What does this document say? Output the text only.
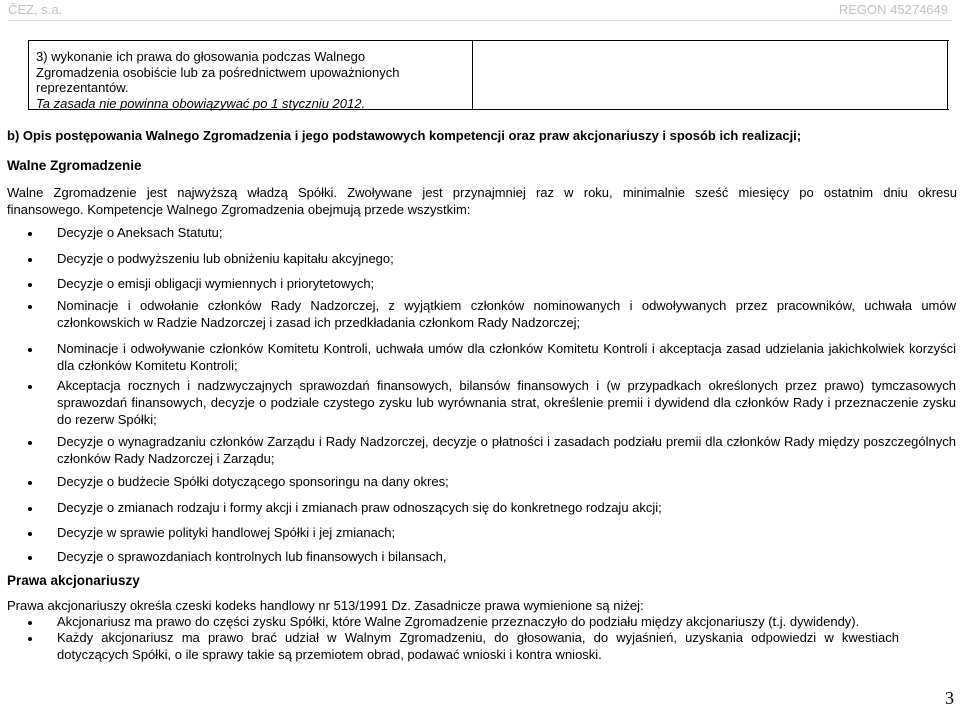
ČEZ, s.a.	REGON 45274649
3) wykonanie ich prawa do głosowania podczas Walnego
Zgromadzenia osobiście lub za pośrednictwem upoważnionych
reprezentantów.
Ta zasada nie powinna obowiązywać po 1 styczniu 2012.
b) Opis postępowania Walnego Zgromadzenia i jego podstawowych kompetencji oraz praw akcjonariuszy i sposób ich realizacji;
Walne Zgromadzenie
Walne Zgromadzenie jest najwyższą władzą Spółki. Zwoływane jest przynajmniej raz w roku, minimalnie sześć miesięcy po ostatnim dniu okresu
finansowego. Kompetencje Walnego Zgromadzenia obejmują przede wszystkim:
Decyzje o Aneksach Statutu;
Decyzje o podwyższeniu lub obniżeniu kapitału akcyjnego;
Decyzje o emisji obligacji wymiennych i priorytetowych;
Nominacje i odwołanie członków Rady Nadzorczej, z wyjątkiem członków nominowanych i odwoływanych przez pracowników, uchwała umów członkowskich w Radzie Nadzorczej i zasad ich przedkładania członkom Rady Nadzorczej;
Nominacje i odwoływanie członków Komitetu Kontroli, uchwała umów dla członków Komitetu Kontroli i akceptacja zasad udzielania jakichkolwiek korzyści dla członków Komitetu Kontroli;
Akceptacja rocznych i nadzwyczajnych sprawozdań finansowych, bilansów finansowych i (w przypadkach określonych przez prawo) tymczasowych sprawozdań finansowych, decyzje o podziale czystego zysku lub wyrównania strat, określenie premii i dywidend dla członków Rady i przeznaczenie zysku do rezerw Spółki;
Decyzje o wynagradzaniu członków Zarządu i Rady Nadzorczej, decyzje o płatności i zasadach podziału premii dla członków Rady między poszczególnych członków Rady Nadzorczej i Zarządu;
Decyzje o budżecie Spółki dotyczącego sponsoringu na dany okres;
Decyzje o zmianach rodzaju i formy akcji i zmianach praw odnoszących się do konkretnego rodzaju akcji;
Decyzje w sprawie polityki handlowej Spółki i jej zmianach;
Decyzje o sprawozdaniach kontrolnych lub finansowych i bilansach,
Prawa akcjonariuszy
Prawa akcjonariuszy określa czeski kodeks handlowy nr 513/1991 Dz. Zasadnicze prawa wymienione są niżej:
Akcjonariusz ma prawo do części zysku Spółki, które Walne Zgromadzenie przeznaczyło do podziału między akcjonariuszy (t.j. dywidendy).
Każdy akcjonariusz ma prawo brać udział w Walnym Zgromadzeniu, do głosowania, do wyjaśnień, uzyskania odpowiedzi w kwestiach dotyczących Spółki, o ile sprawy takie są przemiotem obrad, podawać wnioski i kontra wnioski.
3
